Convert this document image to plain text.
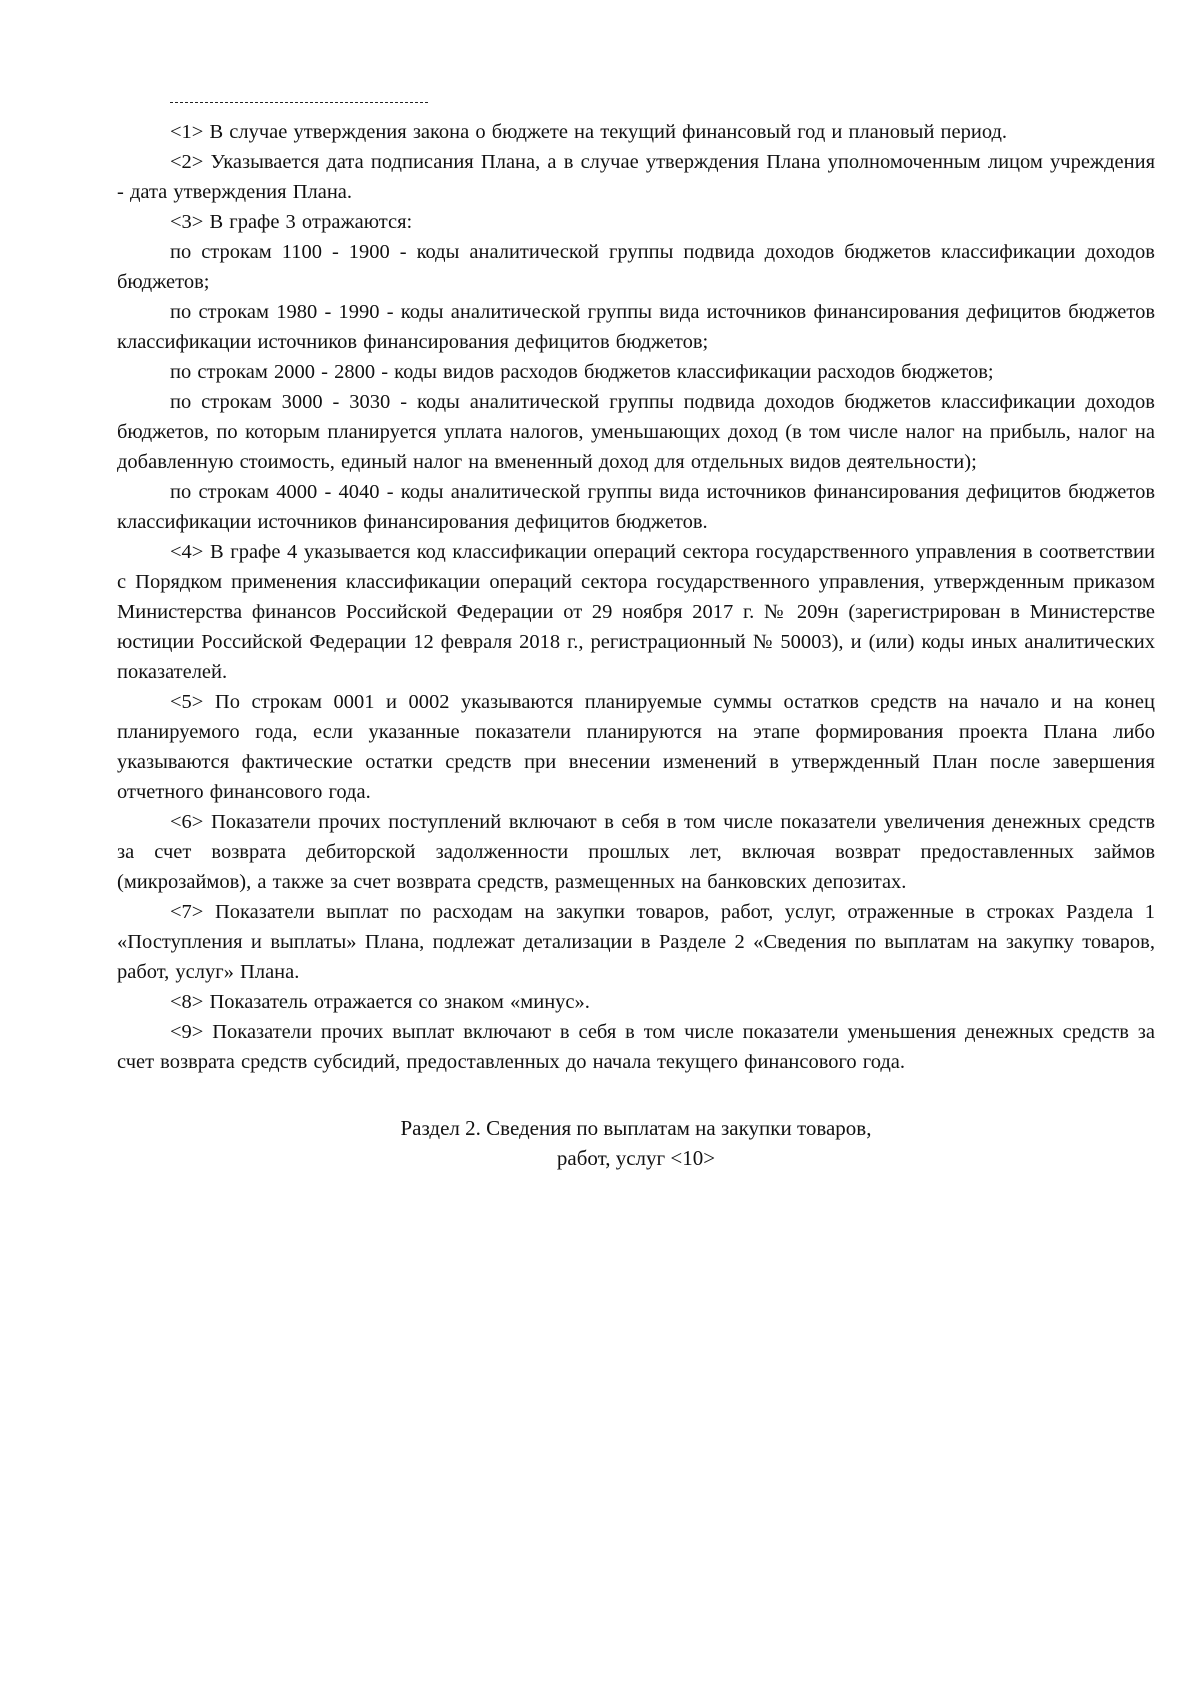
<1> В случае утверждения закона о бюджете на текущий финансовый год и плановый период.

<2> Указывается дата подписания Плана, а в случае утверждения Плана уполномоченным лицом учреждения - дата утверждения Плана.

<3> В графе 3 отражаются:

по строкам 1100 - 1900 - коды аналитической группы подвида доходов бюджетов классификации доходов бюджетов;

по строкам 1980 - 1990 - коды аналитической группы вида источников финансирования дефицитов бюджетов классификации источников финансирования дефицитов бюджетов;

по строкам 2000 - 2800 - коды видов расходов бюджетов классификации расходов бюджетов;

по строкам 3000 - 3030 - коды аналитической группы подвида доходов бюджетов классификации доходов бюджетов, по которым планируется уплата налогов, уменьшающих доход (в том числе налог на прибыль, налог на добавленную стоимость, единый налог на вмененный доход для отдельных видов деятельности);

по строкам 4000 - 4040 - коды аналитической группы вида источников финансирования дефицитов бюджетов классификации источников финансирования дефицитов бюджетов.

<4> В графе 4 указывается код классификации операций сектора государственного управления в соответствии с Порядком применения классификации операций сектора государственного управления, утвержденным приказом Министерства финансов Российской Федерации от 29 ноября 2017 г. № 209н (зарегистрирован в Министерстве юстиции Российской Федерации 12 февраля 2018 г., регистрационный № 50003), и (или) коды иных аналитических показателей.

<5> По строкам 0001 и 0002 указываются планируемые суммы остатков средств на начало и на конец планируемого года, если указанные показатели планируются на этапе формирования проекта Плана либо указываются фактические остатки средств при внесении изменений в утвержденный План после завершения отчетного финансового года.

<6> Показатели прочих поступлений включают в себя в том числе показатели увеличения денежных средств за счет возврата дебиторской задолженности прошлых лет, включая возврат предоставленных займов (микрозаймов), а также за счет возврата средств, размещенных на банковских депозитах.

<7> Показатели выплат по расходам на закупки товаров, работ, услуг, отраженные в строках Раздела 1 «Поступления и выплаты» Плана, подлежат детализации в Разделе 2 «Сведения по выплатам на закупку товаров, работ, услуг» Плана.

<8> Показатель отражается со знаком «минус».

<9> Показатели прочих выплат включают в себя в том числе показатели уменьшения денежных средств за счет возврата средств субсидий, предоставленных до начала текущего финансового года.

Раздел 2. Сведения по выплатам на закупки товаров,
работ, услуг <10>
